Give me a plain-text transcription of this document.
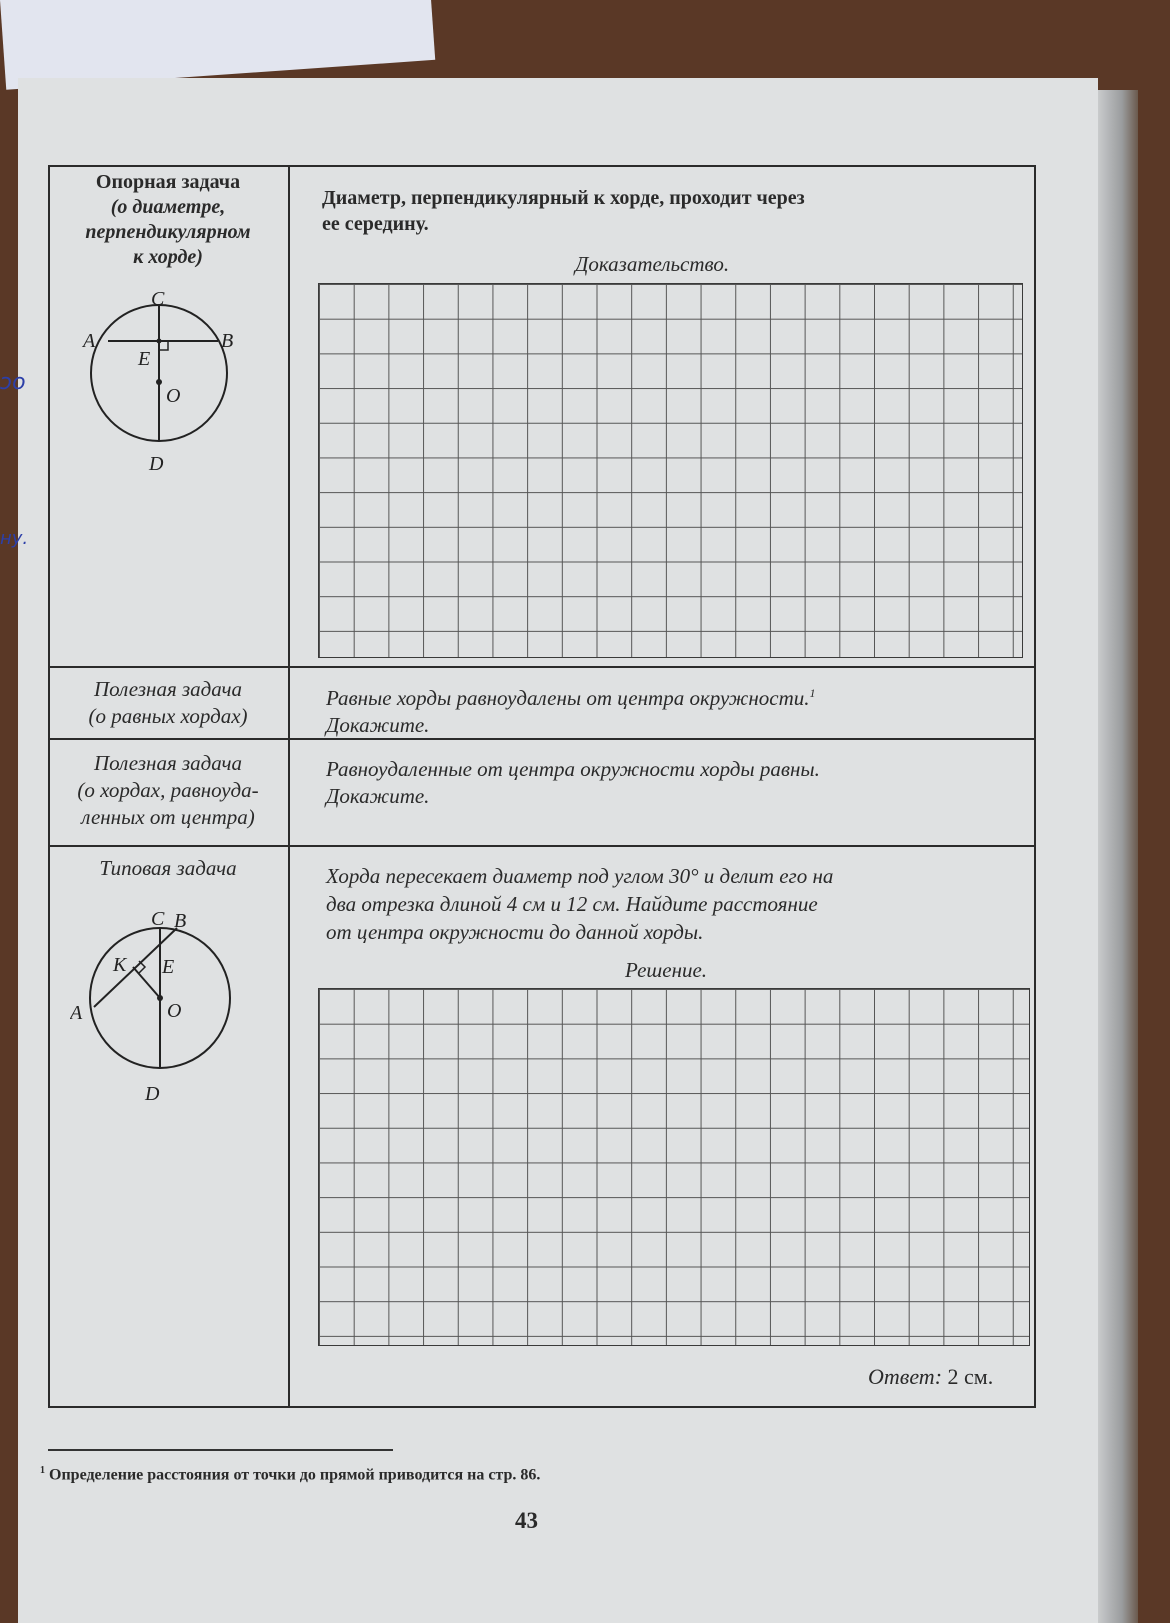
ɔo
ну.
Опорная задача
(о диаметре,
перпендикулярном
к хорде)
C
A	B
E
O
D
Диаметр, перпендикулярный к хорде, проходит через
ее середину.
Доказательство.
Полезная задача
(о равных хордах)
Равные хорды равноудалены от центра окружности.$^1$
Докажите.
Полезная задача
(о хордах, равноуда-
ленных от центра)
Равноудаленные от центра окружности хорды равны.
Докажите.
Типовая задача
C B
K E
A	O
D
Хорда пересекает диаметр под углом 30° и делит его на
два отрезка длиной 4 см и 12 см. Найдите расстояние
от центра окружности до данной хорды.
Решение.
Ответ: 2 см.
$^1$ Определение расстояния от точки до прямой приводится на стр. 86.
43
